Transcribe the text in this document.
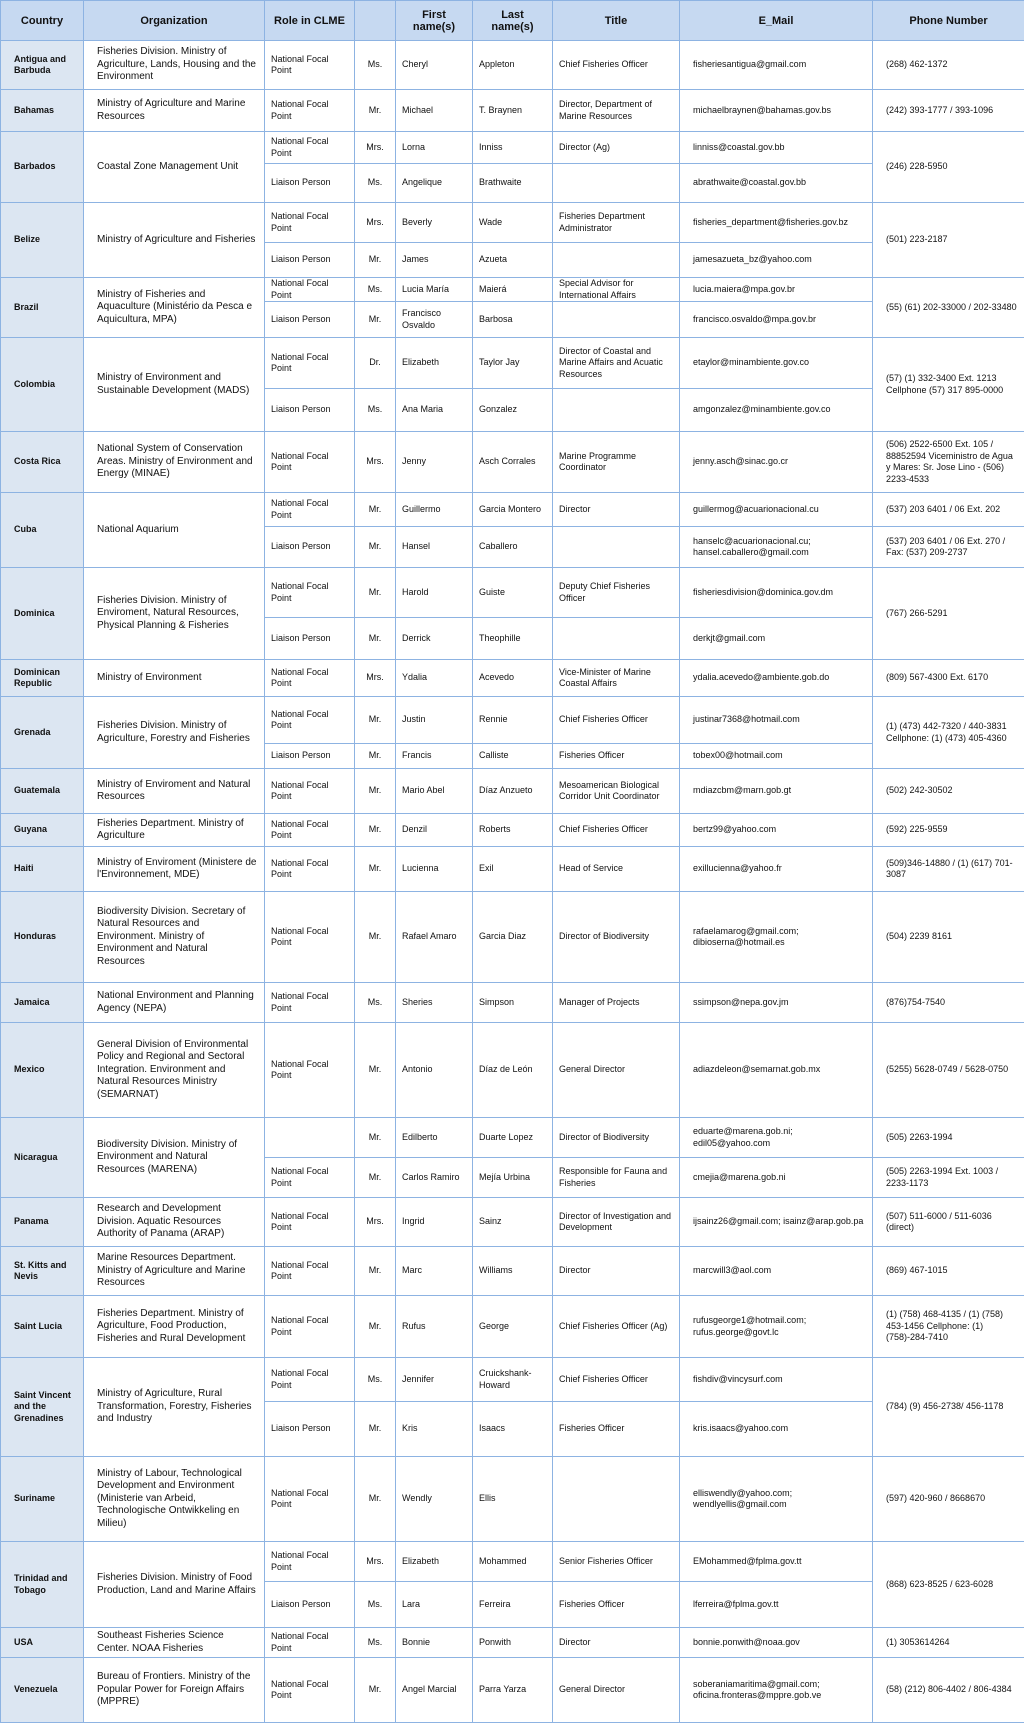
Country	Organization	Role in CLME		First name(s)	Last name(s)	Title	E_Mail	Phone Number
Antigua and Barbuda	Fisheries Division. Ministry of Agriculture, Lands, Housing and the Environment	National Focal Point	Ms.	Cheryl	Appleton	Chief Fisheries Officer	fisheriesantigua@gmail.com	(268) 462-1372
Bahamas	Ministry of Agriculture and Marine Resources	National Focal Point	Mr.	Michael	T. Braynen	Director, Department of Marine Resources	michaelbraynen@bahamas.gov.bs	(242) 393-1777 / 393-1096
Barbados	Coastal Zone Management Unit	National Focal Point	Mrs.	Lorna	Inniss	Director (Ag)	linniss@coastal.gov.bb	(246) 228-5950
		Liaison Person	Ms.	Angelique	Brathwaite		abrathwaite@coastal.gov.bb	
Belize	Ministry of Agriculture and Fisheries	National Focal Point	Mrs.	Beverly	Wade	Fisheries Department Administrator	fisheries_department@fisheries.gov.bz	(501) 223-2187
		Liaison Person	Mr.	James	Azueta		jamesazueta_bz@yahoo.com	
Brazil	Ministry of Fisheries and Aquaculture (Ministério da Pesca e Aquicultura, MPA)	National Focal Point	Ms.	Lucia María	Maierá	Special Advisor for International Affairs	lucia.maiera@mpa.gov.br	(55) (61) 202-33000 / 202-33480
		Liaison Person	Mr.	Francisco Osvaldo	Barbosa		francisco.osvaldo@mpa.gov.br	
Colombia	Ministry of Environment and Sustainable Development (MADS)	National Focal Point	Dr.	Elizabeth	Taylor Jay	Director of Coastal and Marine Affairs and Acuatic Resources	etaylor@minambiente.gov.co	(57) (1) 332-3400 Ext. 1213 Cellphone (57) 317 895-0000
		Liaison Person	Ms.	Ana Maria	Gonzalez		amgonzalez@minambiente.gov.co	
Costa Rica	National System of Conservation Areas. Ministry of Environment and Energy (MINAE)	National Focal Point	Mrs.	Jenny	Asch Corrales	Marine Programme Coordinator	jenny.asch@sinac.go.cr	(506) 2522-6500 Ext. 105 / 88852594 Viceministro de Agua y Mares: Sr. Jose Lino - (506) 2233-4533
Cuba	National Aquarium	National Focal Point	Mr.	Guillermo	Garcia Montero	Director	guillermog@acuarionacional.cu	(537) 203 6401 / 06 Ext. 202
		Liaison Person	Mr.	Hansel	Caballero		hanselc@acuarionacional.cu; hansel.caballero@gmail.com	(537) 203 6401 / 06 Ext. 270 / Fax: (537) 209-2737
Dominica	Fisheries Division. Ministry of Enviroment, Natural Resources, Physical Planning & Fisheries	National Focal Point	Mr.	Harold	Guiste	Deputy Chief Fisheries Officer	fisheriesdivision@dominica.gov.dm	(767) 266-5291
		Liaison Person	Mr.	Derrick	Theophille		derkjt@gmail.com	
Dominican Republic	Ministry of Environment	National Focal Point	Mrs.	Ydalia	Acevedo	Vice-Minister of Marine Coastal Affairs	ydalia.acevedo@ambiente.gob.do	(809) 567-4300 Ext. 6170
Grenada	Fisheries Division. Ministry of Agriculture, Forestry and Fisheries	National Focal Point	Mr.	Justin	Rennie	Chief Fisheries Officer	justinar7368@hotmail.com	(1) (473) 442-7320 / 440-3831 Cellphone: (1) (473) 405-4360
		Liaison Person	Mr.	Francis	Calliste	Fisheries Officer	tobex00@hotmail.com	
Guatemala	Ministry of Enviroment and Natural Resources	National Focal Point	Mr.	Mario Abel	Díaz Anzueto	Mesoamerican Biological Corridor Unit Coordinator	mdiazcbm@marn.gob.gt	(502) 242-30502
Guyana	Fisheries Department. Ministry of Agriculture	National Focal Point	Mr.	Denzil	Roberts	Chief Fisheries Officer	bertz99@yahoo.com	(592) 225-9559
Haiti	Ministry of Enviroment (Ministere de l'Environnement, MDE)	National Focal Point	Mr.	Lucienna	Exil	Head of Service	exillucienna@yahoo.fr	(509)346-14880 / (1) (617) 701-3087
Honduras	Biodiversity Division. Secretary of Natural Resources and Environment. Ministry of Environment and Natural Resources	National Focal Point	Mr.	Rafael Amaro	Garcia Diaz	Director of Biodiversity	rafaelamarog@gmail.com; dibioserna@hotmail.es	(504) 2239 8161
Jamaica	National Environment and Planning Agency (NEPA)	National Focal Point	Ms.	Sheries	Simpson	Manager of Projects	ssimpson@nepa.gov.jm	(876)754-7540
Mexico	General Division of Environmental Policy and Regional and Sectoral Integration. Environment and Natural Resources Ministry (SEMARNAT)	National Focal Point	Mr.	Antonio	Díaz de León	General Director	adiazdeleon@semarnat.gob.mx	(5255) 5628-0749 / 5628-0750
Nicaragua	Biodiversity Division. Ministry of Environment and Natural Resources (MARENA)		Mr.	Edilberto	Duarte Lopez	Director of Biodiversity	eduarte@marena.gob.ni; edil05@yahoo.com	(505) 2263-1994
		National Focal Point	Mr.	Carlos Ramiro	Mejía Urbina	Responsible for Fauna and Fisheries	cmejia@marena.gob.ni	(505) 2263-1994 Ext. 1003 / 2233-1173
Panama	Research and Development Division. Aquatic Resources Authority of Panama (ARAP)	National Focal Point	Mrs.	Ingrid	Sainz	Director of Investigation and Development	ijsainz26@gmail.com; isainz@arap.gob.pa	(507) 511-6000 / 511-6036 (direct)
St. Kitts and Nevis	Marine Resources Department. Ministry of Agriculture and Marine Resources	National Focal Point	Mr.	Marc	Williams	Director	marcwill3@aol.com	(869) 467-1015
Saint Lucia	Fisheries Department. Ministry of Agriculture, Food Production, Fisheries and Rural Development	National Focal Point	Mr.	Rufus	George	Chief Fisheries Officer (Ag)	rufusgeorge1@hotmail.com; rufus.george@govt.lc	(1) (758) 468-4135 / (1) (758) 453-1456 Cellphone: (1)(758)-284-7410
Saint Vincent and the Grenadines	Ministry of Agriculture, Rural Transformation, Forestry, Fisheries and Industry	National Focal Point	Ms.	Jennifer	Cruickshank-Howard	Chief Fisheries Officer	fishdiv@vincysurf.com	(784) (9) 456-2738/ 456-1178
		Liaison Person	Mr.	Kris	Isaacs	Fisheries Officer	kris.isaacs@yahoo.com	
Suriname	Ministry of Labour, Technological Development and Environment (Ministerie van Arbeid, Technologische Ontwikkeling en Milieu)	National Focal Point	Mr.	Wendly	Ellis		elliswendly@yahoo.com; wendlyellis@gmail.com	(597) 420-960 / 8668670
Trinidad and Tobago	Fisheries Division. Ministry of Food Production, Land and Marine Affairs	National Focal Point	Mrs.	Elizabeth	Mohammed	Senior Fisheries Officer	EMohammed@fplma.gov.tt	(868) 623-8525 / 623-6028
		Liaison Person	Ms.	Lara	Ferreira	Fisheries Officer	lferreira@fplma.gov.tt	
USA	Southeast Fisheries Science Center. NOAA Fisheries	National Focal Point	Ms.	Bonnie	Ponwith	Director	bonnie.ponwith@noaa.gov	(1) 3053614264
Venezuela	Bureau of Frontiers. Ministry of the Popular Power for Foreign Affairs (MPPRE)	National Focal Point	Mr.	Angel Marcial	Parra Yarza	General Director	soberaniamaritima@gmail.com; oficina.fronteras@mppre.gob.ve	(58) (212) 806-4402 / 806-4384
